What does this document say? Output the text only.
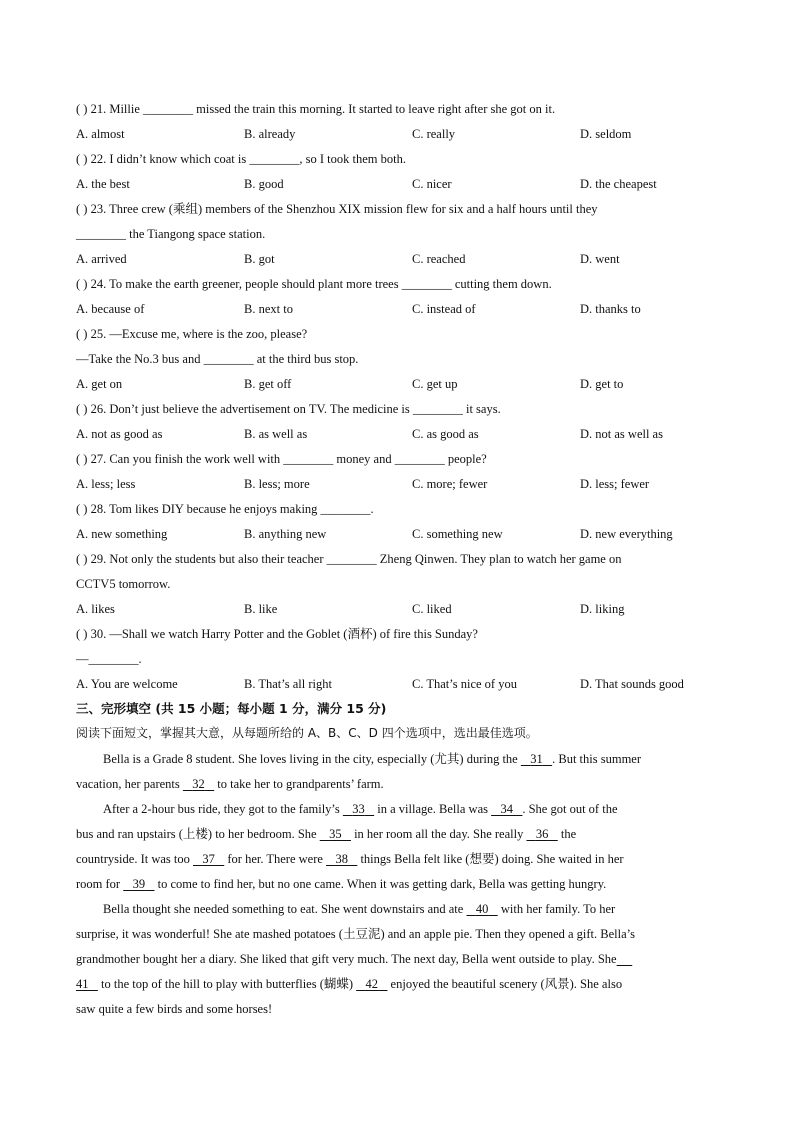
( ) 21. Millie ________ missed the train this morning. It started to leave right after she got on it.
A. almost	B. already	C. really	D. seldom
( ) 22. I didn’t know which coat is ________, so I took them both.
A. the best	B. good	C. nicer	D. the cheapest
( ) 23. Three crew (乘组) members of the Shenzhou XIX mission flew for six and a half hours until they
________ the Tiangong space station.
A. arrived	B. got	C. reached	D. went
( ) 24. To make the earth greener, people should plant more trees ________ cutting them down.
A. because of	B. next to	C. instead of	D. thanks to
( ) 25. —Excuse me, where is the zoo, please?
—Take the No.3 bus and ________ at the third bus stop.
A. get on	B. get off	C. get up	D. get to
( ) 26. Don’t just believe the advertisement on TV. The medicine is ________ it says.
A. not as good as	B. as well as	C. as good as	D. not as well as
( ) 27. Can you finish the work well with ________ money and ________ people?
A. less; less	B. less; more	C. more; fewer	D. less; fewer
( ) 28. Tom likes DIY because he enjoys making ________.
A. new something	B. anything new	C. something new	D. new everything
( ) 29. Not only the students but also their teacher ________ Zheng Qinwen. They plan to watch her game on
CCTV5 tomorrow.
A. likes	B. like	C. liked	D. liking
( ) 30. —Shall we watch Harry Potter and the Goblet (酒杯) of fire this Sunday?
—________.
A. You are welcome	B. That’s all right	C. That’s nice of you	D. That sounds good
三、完形填空 (共 15 小题；每小题 1 分，满分 15 分)
阅读下面短文，掌握其大意，从每题所给的 A、B、C、D 四个选项中，选出最佳选项。
Bella is a Grade 8 student. She loves living in the city, especially (尤其) during the    31 . But this summer
vacation, her parents    32    to take her to grandparents’ farm.
After a 2-hour bus ride, they got to the family’s    33    in a village. Bella was    34 . She got out of the
bus and ran upstairs (上楼) to her bedroom. She    35    in her room all the day. She really    36    the
countryside. It was too    37    for her. There were    38    things Bella felt like (想要) doing. She waited in her
room for    39    to come to find her, but no one came. When it was getting dark, Bella was getting hungry.
Bella thought she needed something to eat. She went downstairs and ate    40    with her family. To her
surprise, it was wonderful! She ate mashed potatoes (土豆泥) and an apple pie. Then they opened a gift. Bella’s
grandmother bought her a diary. She liked that gift very much. The next day, Bella went outside to play. She
41    to the top of the hill to play with butterflies (蝴蝶)    42    enjoyed the beautiful scenery (风景). She also
saw quite a few birds and some horses!
